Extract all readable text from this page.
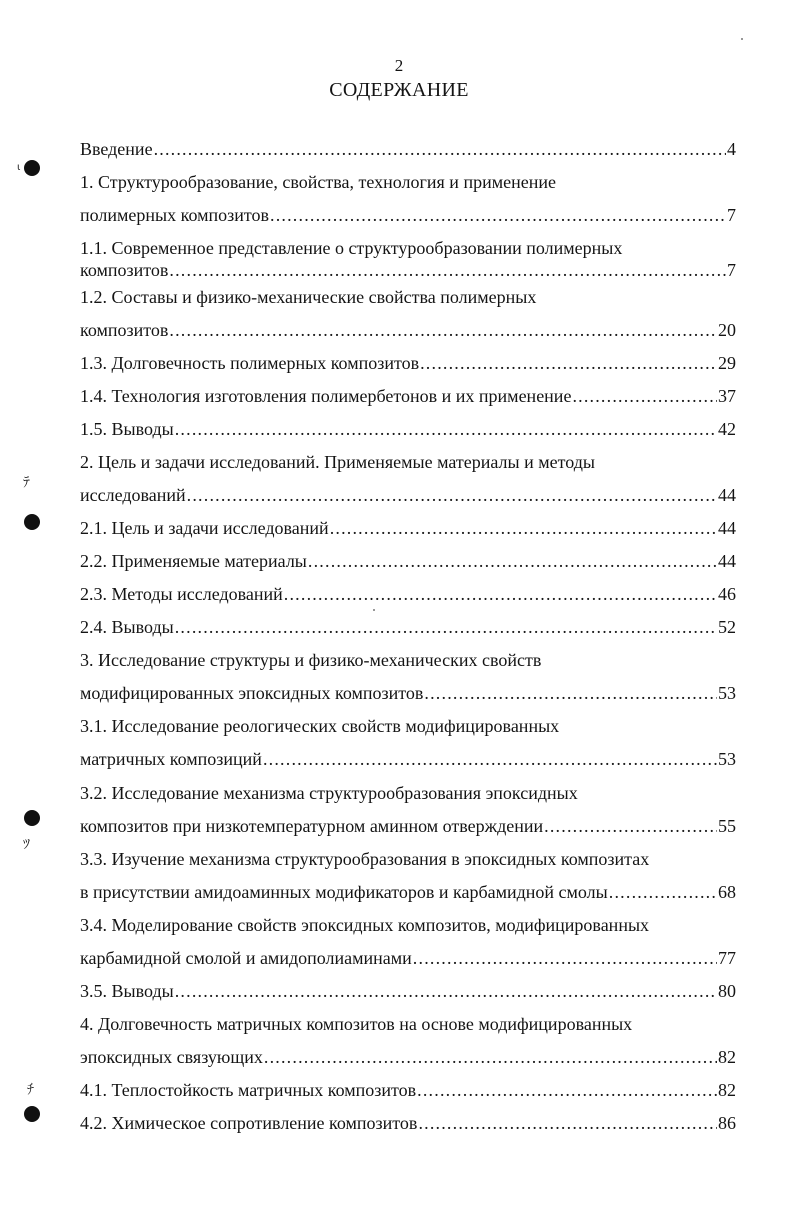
2
СОДЕРЖАНИЕ
Введение .....	4
1. Структурообразование, свойства, технология и применение
полимерных композитов .....	7
1.1. Современное представление о структурообразовании полимерных
композитов .....	7
1.2. Составы и физико-механические свойства полимерных
композитов .....	20
1.3. Долговечность полимерных композитов .....	29
1.4. Технология изготовления полимербетонов и их применение .....	37
1.5. Выводы .....	42
2. Цель и задачи исследований. Применяемые материалы и методы
исследований .....	44
2.1. Цель и задачи исследований .....	44
2.2. Применяемые материалы .....	44
2.3. Методы исследований .....	46
2.4. Выводы .....	52
3. Исследование структуры и физико-механических свойств
модифицированных эпоксидных композитов .....	53
3.1. Исследование реологических свойств модифицированных
матричных композиций .....	53
3.2. Исследование механизма структурообразования эпоксидных
композитов при низкотемпературном аминном отверждении .....	55
3.3. Изучение механизма структурообразования в эпоксидных композитах
в присутствии амидоаминных модификаторов и карбамидной смолы .....	68
3.4. Моделирование свойств эпоксидных композитов, модифицированных
карбамидной смолой и амидополиаминами .....	77
3.5. Выводы .....	80
4. Долговечность матричных композитов на основе модифицированных
эпоксидных связующих .....	82
4.1. Теплостойкость матричных композитов .....	82
4.2. Химическое сопротивление композитов .....	86
ι
ﾃ
ﾂ
ﾁ
